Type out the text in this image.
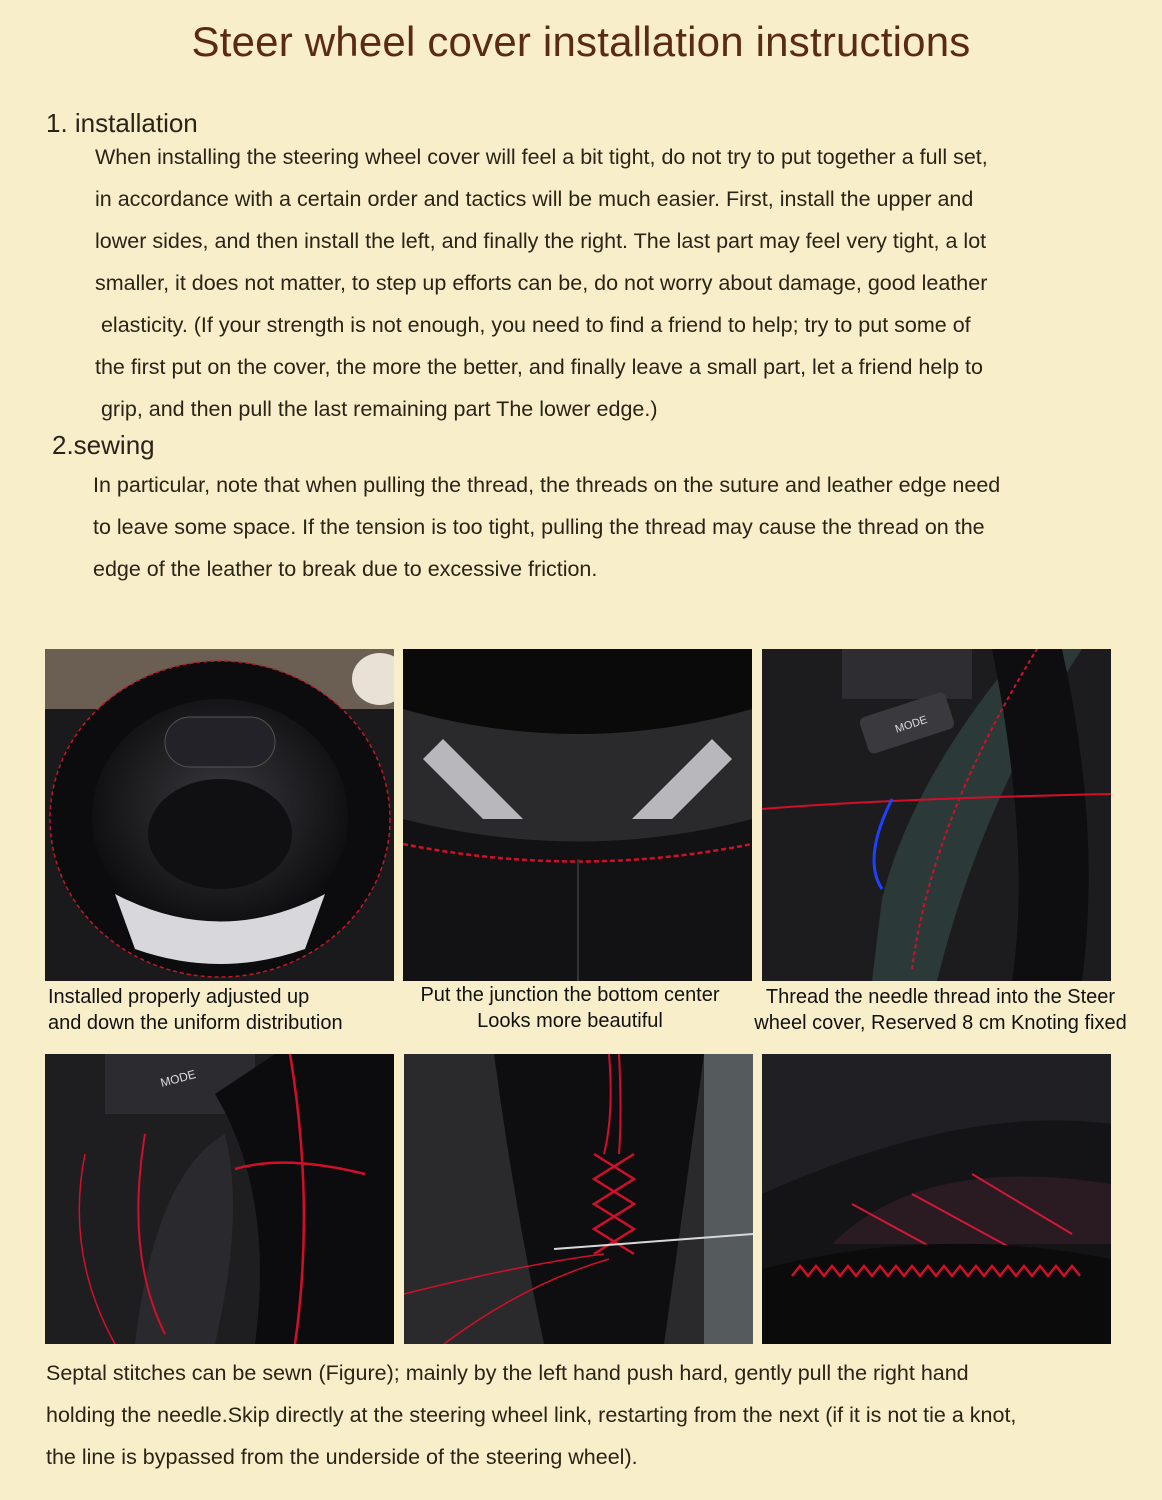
Steer wheel cover installation instructions
1. installation
When installing the steering wheel cover will feel a bit tight, do not try to put together a full set,
in accordance with a certain order and tactics will be much easier. First, install the upper and
lower sides, and then install the left, and finally the right. The last part may feel very tight, a lot
smaller, it does not matter, to step up efforts can be, do not worry about damage, good leather
elasticity. (If your strength is not enough, you need to find a friend to help; try to put some of
the first put on the cover, the more the better, and finally leave a small part, let a friend help to
grip, and then pull the last remaining part The lower edge.)
2.sewing
In particular, note that when pulling the thread, the threads on the suture and leather edge need
to leave some space. If the tension is too tight, pulling the thread may cause the thread on the
edge of the leather to break due to excessive friction.
MODE
Installed properly adjusted up
and down the uniform distribution
Put the junction the bottom center
Looks more beautiful
Thread the needle thread into the Steer
wheel cover, Reserved 8 cm Knoting fixed
MODE
Septal stitches can be sewn (Figure); mainly by the left hand push hard, gently pull the right hand
holding the needle.Skip directly at the steering wheel link, restarting from the next (if it is not tie a knot,
the line is bypassed from the underside of the steering wheel).
